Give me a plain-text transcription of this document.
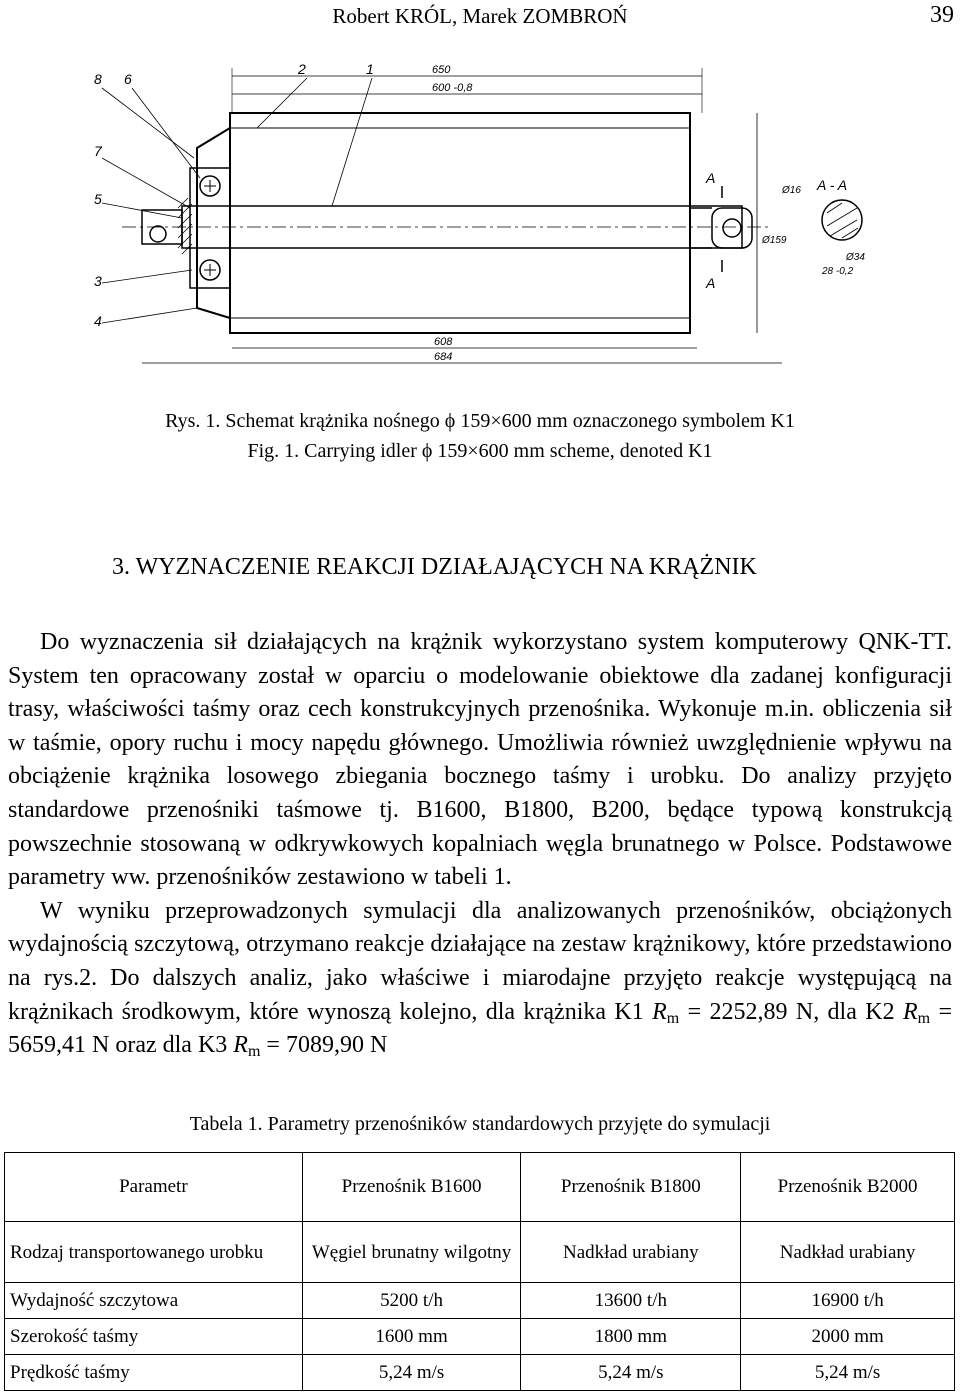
Robert KRÓL, Marek ZOMBROŃ	39
8 6
2	1
7
5
3
4
650
600 -0,8
608
684
A
A
A - A
Ø16
Ø159
Ø34
28 -0,2
Rys. 1. Schemat krążnika nośnego ϕ 159×600 mm oznaczonego symbolem K1
Fig. 1. Carrying idler ϕ 159×600 mm scheme, denoted K1
3. WYZNACZENIE REAKCJI DZIAŁAJĄCYCH NA KRĄŻNIK

Do wyznaczenia sił działających na krążnik wykorzystano system komputerowy QNK-TT. System ten opracowany został w oparciu o modelowanie obiektowe dla zadanej konfiguracji trasy, właściwości taśmy oraz cech konstrukcyjnych przenośnika. Wykonuje m.in. obliczenia sił w taśmie, opory ruchu i mocy napędu głównego. Umożliwia również uwzględnienie wpływu na obciążenie krążnika losowego zbiegania bocznego taśmy i urobku. Do analizy przyjęto standardowe przenośniki taśmowe tj. B1600, B1800, B200, będące typową konstrukcją powszechnie stosowaną w odkrywkowych kopalniach węgla brunatnego w Polsce. Podstawowe parametry ww. przenośników zestawiono w tabeli 1.

W wyniku przeprowadzonych symulacji dla analizowanych przenośników, obciążonych wydajnością szczytową, otrzymano reakcje działające na zestaw krążnikowy, które przedstawiono na rys.2. Do dalszych analiz, jako właściwe i miarodajne przyjęto reakcje występującą na krążnikach środkowym, które wynoszą kolejno, dla krążnika K1 $R_m = 2252,89$ N, dla K2 $R_m = 5659,41$ N oraz dla K3 $R_m = 7089,90$ N

Tabela 1. Parametry przenośników standardowych przyjęte do symulacji
Parametr	Przenośnik B1600	Przenośnik B1800	Przenośnik B2000
Rodzaj transportowanego urobku	Węgiel brunatny wilgotny	Nadkład urabiany	Nadkład urabiany
Wydajność szczytowa	5200 t/h	13600 t/h	16900 t/h
Szerokość taśmy	1600 mm	1800 mm	2000 mm
Prędkość taśmy	5,24 m/s	5,24 m/s	5,24 m/s
